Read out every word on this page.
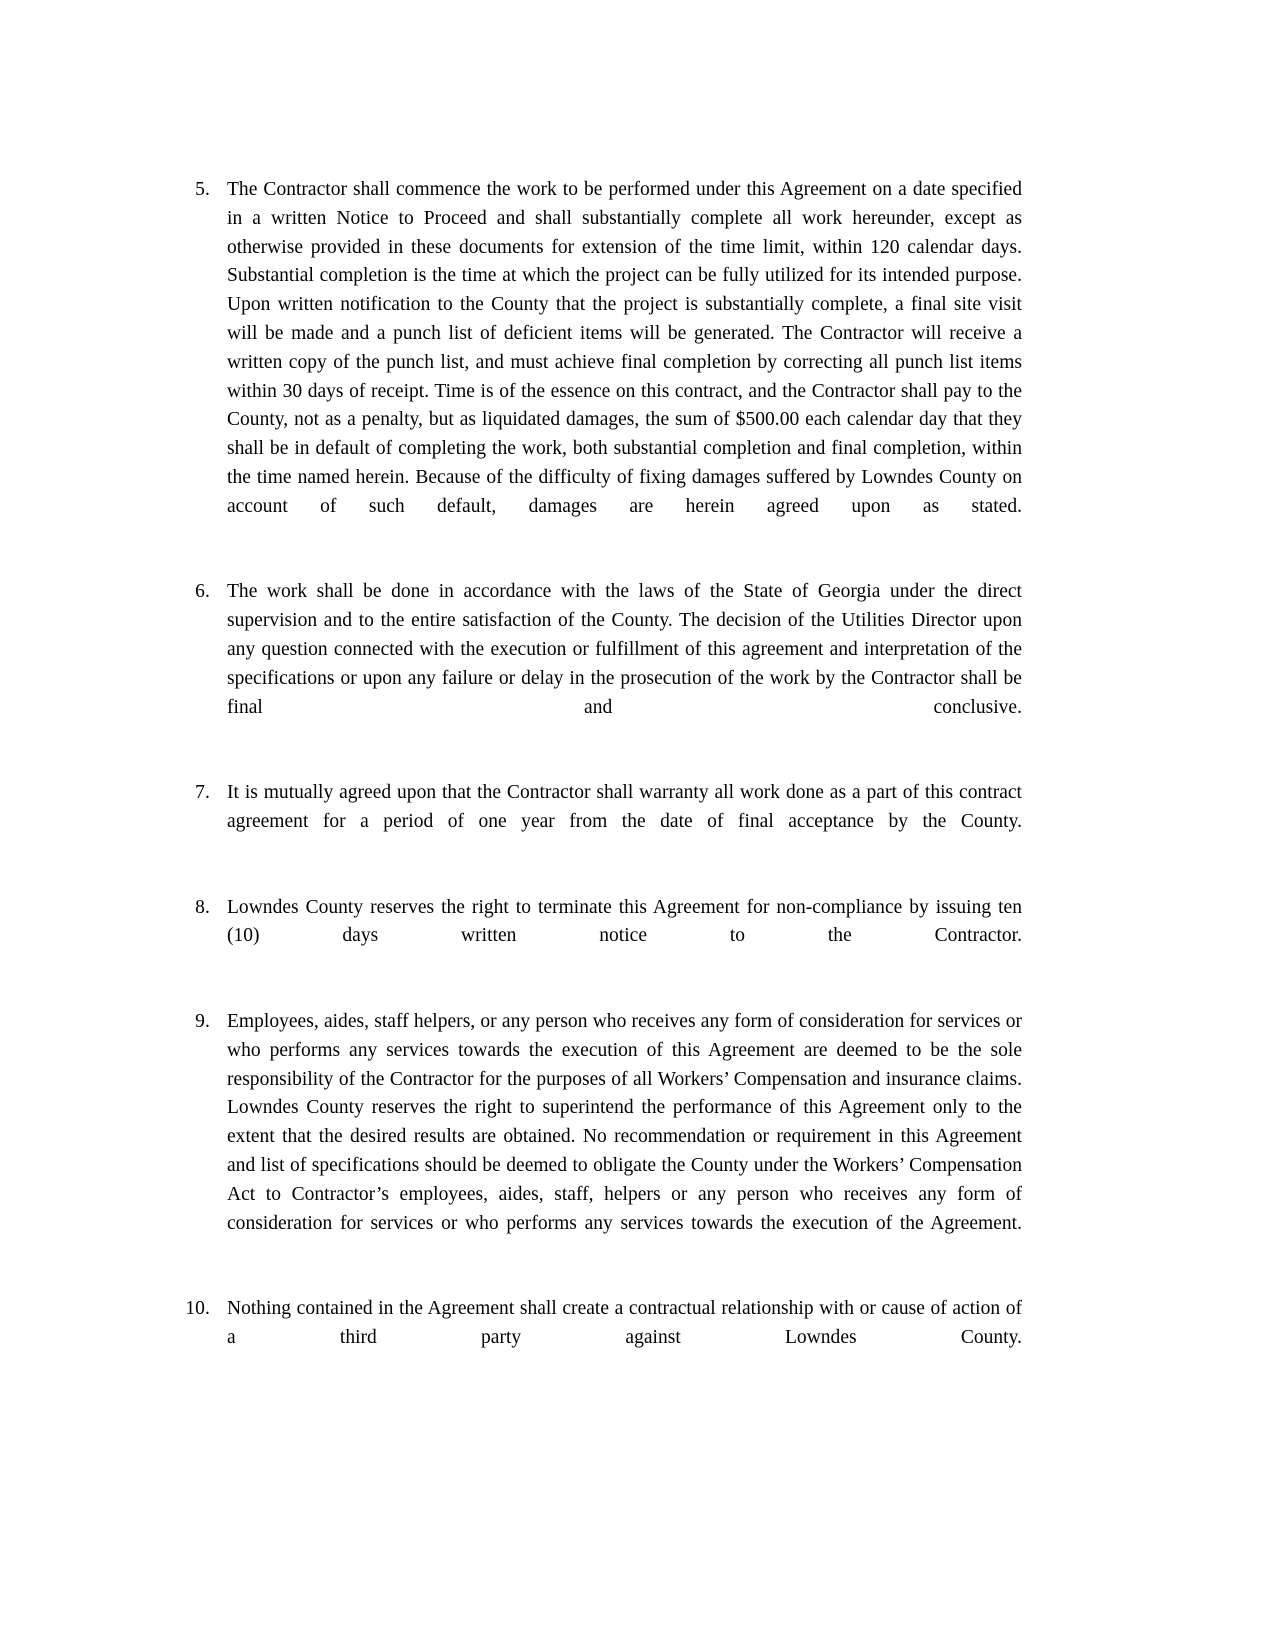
5. The Contractor shall commence the work to be performed under this Agreement on a date specified in a written Notice to Proceed and shall substantially complete all work hereunder, except as otherwise provided in these documents for extension of the time limit, within 120 calendar days. Substantial completion is the time at which the project can be fully utilized for its intended purpose. Upon written notification to the County that the project is substantially complete, a final site visit will be made and a punch list of deficient items will be generated. The Contractor will receive a written copy of the punch list, and must achieve final completion by correcting all punch list items within 30 days of receipt. Time is of the essence on this contract, and the Contractor shall pay to the County, not as a penalty, but as liquidated damages, the sum of $500.00 each calendar day that they shall be in default of completing the work, both substantial completion and final completion, within the time named herein. Because of the difficulty of fixing damages suffered by Lowndes County on account of such default, damages are herein agreed upon as stated.
6. The work shall be done in accordance with the laws of the State of Georgia under the direct supervision and to the entire satisfaction of the County. The decision of the Utilities Director upon any question connected with the execution or fulfillment of this agreement and interpretation of the specifications or upon any failure or delay in the prosecution of the work by the Contractor shall be final and conclusive.
7. It is mutually agreed upon that the Contractor shall warranty all work done as a part of this contract agreement for a period of one year from the date of final acceptance by the County.
8. Lowndes County reserves the right to terminate this Agreement for non-compliance by issuing ten (10) days written notice to the Contractor.
9. Employees, aides, staff helpers, or any person who receives any form of consideration for services or who performs any services towards the execution of this Agreement are deemed to be the sole responsibility of the Contractor for the purposes of all Workers’ Compensation and insurance claims. Lowndes County reserves the right to superintend the performance of this Agreement only to the extent that the desired results are obtained. No recommendation or requirement in this Agreement and list of specifications should be deemed to obligate the County under the Workers’ Compensation Act to Contractor’s employees, aides, staff, helpers or any person who receives any form of consideration for services or who performs any services towards the execution of the Agreement.
10. Nothing contained in the Agreement shall create a contractual relationship with or cause of action of a third party against Lowndes County.
